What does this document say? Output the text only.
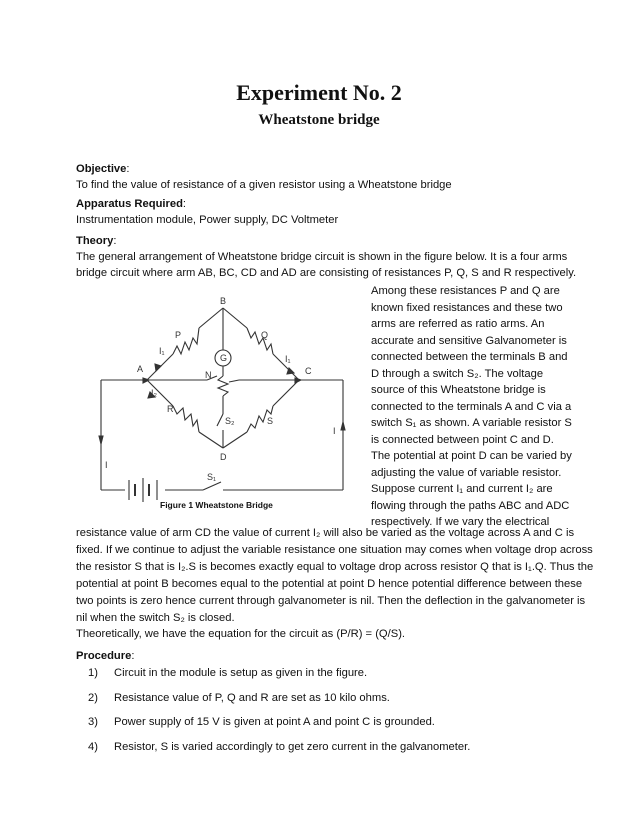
Experiment No. 2
Wheatstone bridge
Objective:
To find the value of resistance of a given resistor using a Wheatstone bridge
Apparatus Required:
Instrumentation module, Power supply, DC Voltmeter
Theory:
The general arrangement of Wheatstone bridge circuit is shown in the figure below. It is a four arms
bridge circuit where arm AB, BC, CD and AD are consisting of resistances P, Q, S and R respectively.
B
P	Q
I₁
G	I₁
A
N	C
I₂
R
S₂	S
I
I
D
S₁
Figure 1 Wheatstone Bridge
Among these resistances P and Q are
known fixed resistances and these two
arms are referred as ratio arms. An
accurate and sensitive Galvanometer is
connected between the terminals B and
D through a switch S₂. The voltage
source of this Wheatstone bridge is
connected to the terminals A and C via a
switch S₁ as shown. A variable resistor S
is connected between point C and D.
The potential at point D can be varied by
adjusting the value of variable resistor.
Suppose current I₁ and current I₂ are
flowing through the paths ABC and ADC
respectively. If we vary the electrical
resistance value of arm CD the value of current I₂ will also be varied as the voltage across A and C is
fixed. If we continue to adjust the variable resistance one situation may comes when voltage drop across
the resistor S that is I₂.S is becomes exactly equal to voltage drop across resistor Q that is I₁.Q. Thus the
potential at point B becomes equal to the potential at point D hence potential difference between these
two points is zero hence current through galvanometer is nil. Then the deflection in the galvanometer is
nil when the switch S₂ is closed.
Theoretically, we have the equation for the circuit as (P/R) = (Q/S).
Procedure:
1) Circuit in the module is setup as given in the figure.
2) Resistance value of P, Q and R are set as 10 kilo ohms.
3) Power supply of 15 V is given at point A and point C is grounded.
4) Resistor, S is varied accordingly to get zero current in the galvanometer.
